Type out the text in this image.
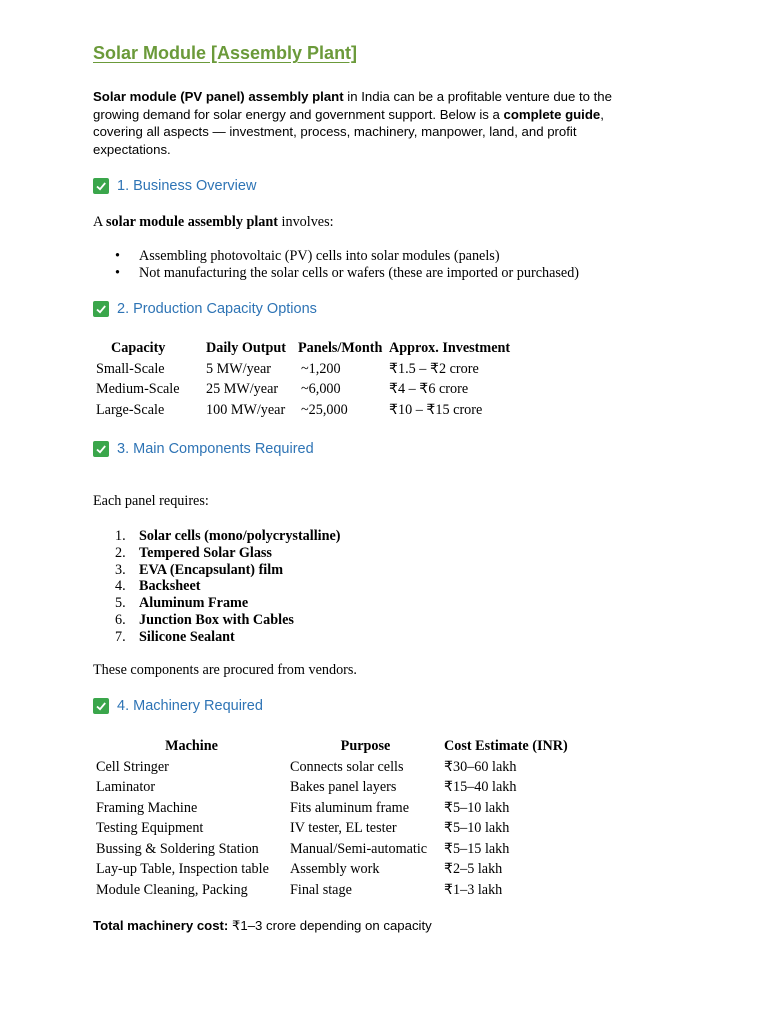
Solar Module [Assembly Plant]

Solar module (PV panel) assembly plant in India can be a profitable venture due to the growing demand for solar energy and government support. Below is a complete guide, covering all aspects — investment, process, machinery, manpower, land, and profit expectations.

1. Business Overview

A solar module assembly plant involves:

• Assembling photovoltaic (PV) cells into solar modules (panels)
• Not manufacturing the solar cells or wafers (these are imported or purchased)
2. Production Capacity Options
Capacity	Daily Output	Panels/Month	Approx. Investment
Small-Scale	5 MW/year	~1,200	₹1.5 – ₹2 crore
Medium-Scale	25 MW/year	~6,000	₹4 – ₹6 crore
Large-Scale	100 MW/year	~25,000	₹10 – ₹15 crore
3. Main Components Required

Each panel requires:

1. Solar cells (mono/polycrystalline)
2. Tempered Solar Glass
3. EVA (Encapsulant) film
4. Backsheet
5. Aluminum Frame
6. Junction Box with Cables
7. Silicone Sealant

These components are procured from vendors.

4. Machinery Required
Machine	Purpose	Cost Estimate (INR)
Cell Stringer	Connects solar cells	₹30–60 lakh
Laminator	Bakes panel layers	₹15–40 lakh
Framing Machine	Fits aluminum frame	₹5–10 lakh
Testing Equipment	IV tester, EL tester	₹5–10 lakh
Bussing & Soldering Station	Manual/Semi-automatic	₹5–15 lakh
Lay-up Table, Inspection table	Assembly work	₹2–5 lakh
Module Cleaning, Packing	Final stage	₹1–3 lakh

Total machinery cost: ₹1–3 crore depending on capacity
